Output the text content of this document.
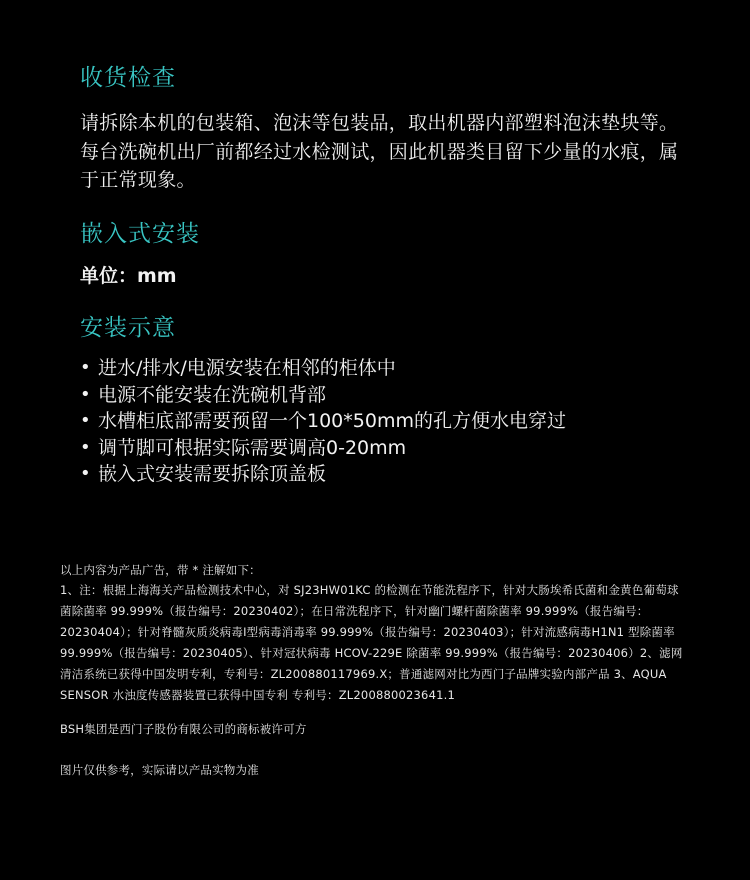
收货检查
请拆除本机的包装箱、泡沫等包装品，取出机器内部塑料泡沫垫块等。每台洗碗机出厂前都经过水检测试，因此机器类目留下少量的水痕，属于正常现象。
嵌入式安装
单位：mm
安装示意
• 进水/排水/电源安装在相邻的柜体中
• 电源不能安装在洗碗机背部
• 水槽柜底部需要预留一个100*50mm的孔方便水电穿过
• 调节脚可根据实际需要调高0-20mm
• 嵌入式安装需要拆除顶盖板
以上内容为产品广告，带 * 注解如下：
1、注：根据上海海关产品检测技术中心，对 SJ23HW01KC 的检测在节能洗程序下，针对大肠埃希氏菌和金黄色葡萄球菌除菌率 99.999%（报告编号：20230402）；在日常洗程序下，针对幽门螺杆菌除菌率 99.999%（报告编号：20230404）；针对脊髓灰质炎病毒I型病毒消毒率 99.999%（报告编号：20230403）；针对流感病毒H1N1 型除菌率 99.999%（报告编号：20230405）、针对冠状病毒 HCOV-229E 除菌率 99.999%（报告编号：20230406）2、滤网清洁系统已获得中国发明专利，专利号：ZL200880117969.X；普通滤网对比为西门子品牌实验内部产品 3、AQUA SENSOR 水浊度传感器装置已获得中国专利 专利号：ZL200880023641.1
BSH集团是西门子股份有限公司的商标被许可方
图片仅供参考，实际请以产品实物为准
